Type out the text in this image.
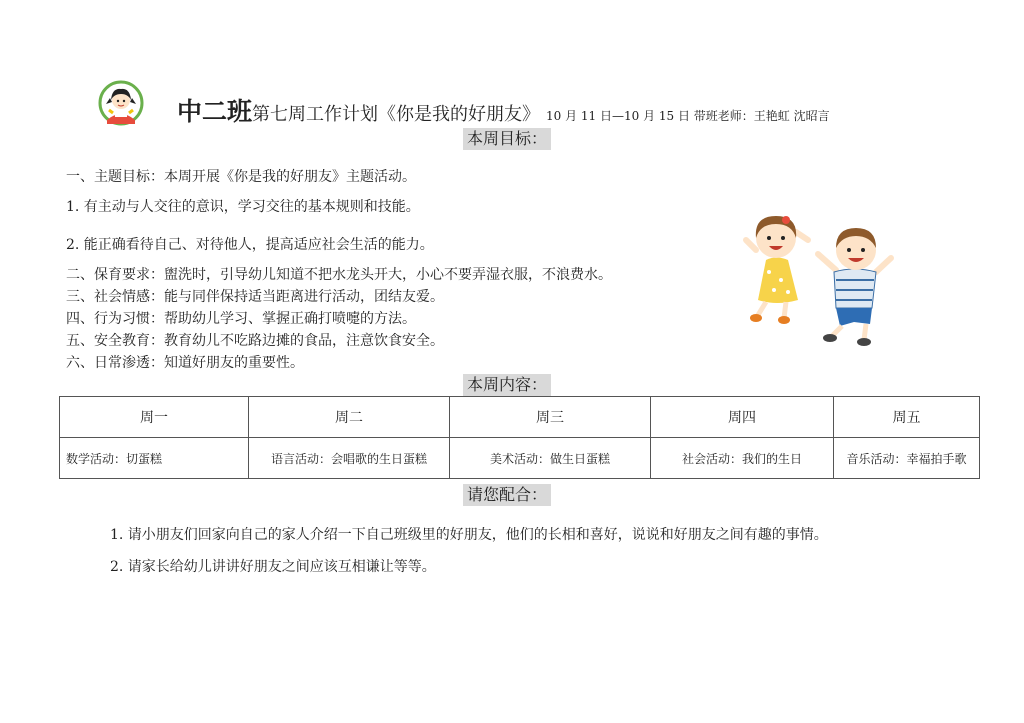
中二班第七周工作计划《你是我的好朋友》 10 月 11 日—10 月 15 日 带班老师：王艳虹 沈昭言
本周目标：
一、主题目标：本周开展《你是我的好朋友》主题活动。
1. 有主动与人交往的意识，学习交往的基本规则和技能。
2. 能正确看待自己、对待他人，提高适应社会生活的能力。
二、保育要求：盥洗时，引导幼儿知道不把水龙头开大，小心不要弄湿衣服，不浪费水。
三、社会情感：能与同伴保持适当距离进行活动，团结友爱。
四、行为习惯：帮助幼儿学习、掌握正确打喷嚏的方法。
五、安全教育：教育幼儿不吃路边摊的食品，注意饮食安全。
六、日常渗透：知道好朋友的重要性。
本周内容：
周一	周二	周三	周四	周五
数学活动：切蛋糕	语言活动：会唱歌的生日蛋糕	美术活动：做生日蛋糕	社会活动：我们的生日	音乐活动：幸福拍手歌
请您配合：
1. 请小朋友们回家向自己的家人介绍一下自己班级里的好朋友，他们的长相和喜好，说说和好朋友之间有趣的事情。
2. 请家长给幼儿讲讲好朋友之间应该互相谦让等等。
